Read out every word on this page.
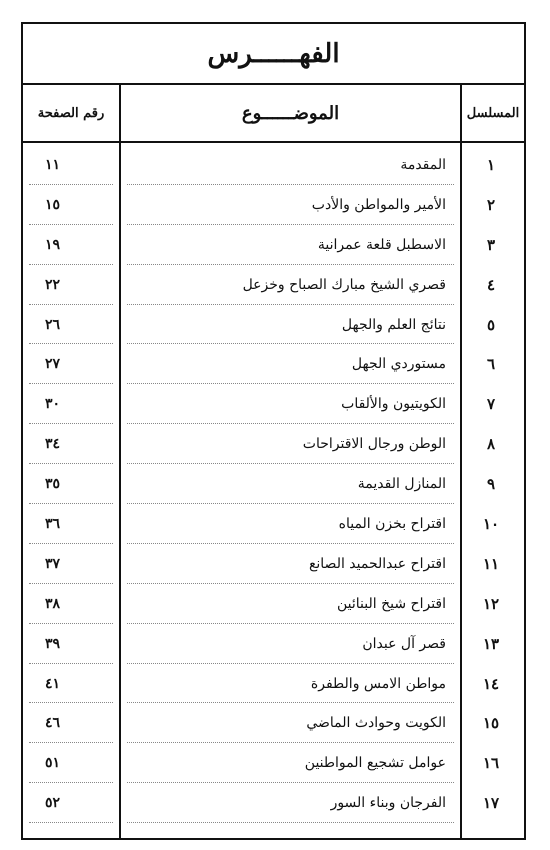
الفهــــــرس
المسلسل
الموضــــــوع
رقم الصفحة
١
٢
٣
٤
٥
٦
٧
٨
٩
١٠
١١
١٢
١٣
١٤
١٥
١٦
١٧
المقدمة
الأمير والمواطن والأدب
الاسطبل قلعة عمرانية
قصري الشيخ مبارك الصباح وخزعل
نتائج العلم والجهل
مستوردي الجهل
الكويتيون والألقاب
الوطن ورجال الاقتراحات
المنازل القديمة
اقتراح بخزن المياه
اقتراح عبدالحميد الصانع
اقتراح شيخ البنائين
قصر آل عبدان
مواطن الامس والطفرة
الكويت وحوادث الماضي
عوامل تشجيع المواطنين
الفرجان وبناء السور
١١
١٥
١٩
٢٢
٢٦
٢٧
٣٠
٣٤
٣٥
٣٦
٣٧
٣٨
٣٩
٤١
٤٦
٥١
٥٢
